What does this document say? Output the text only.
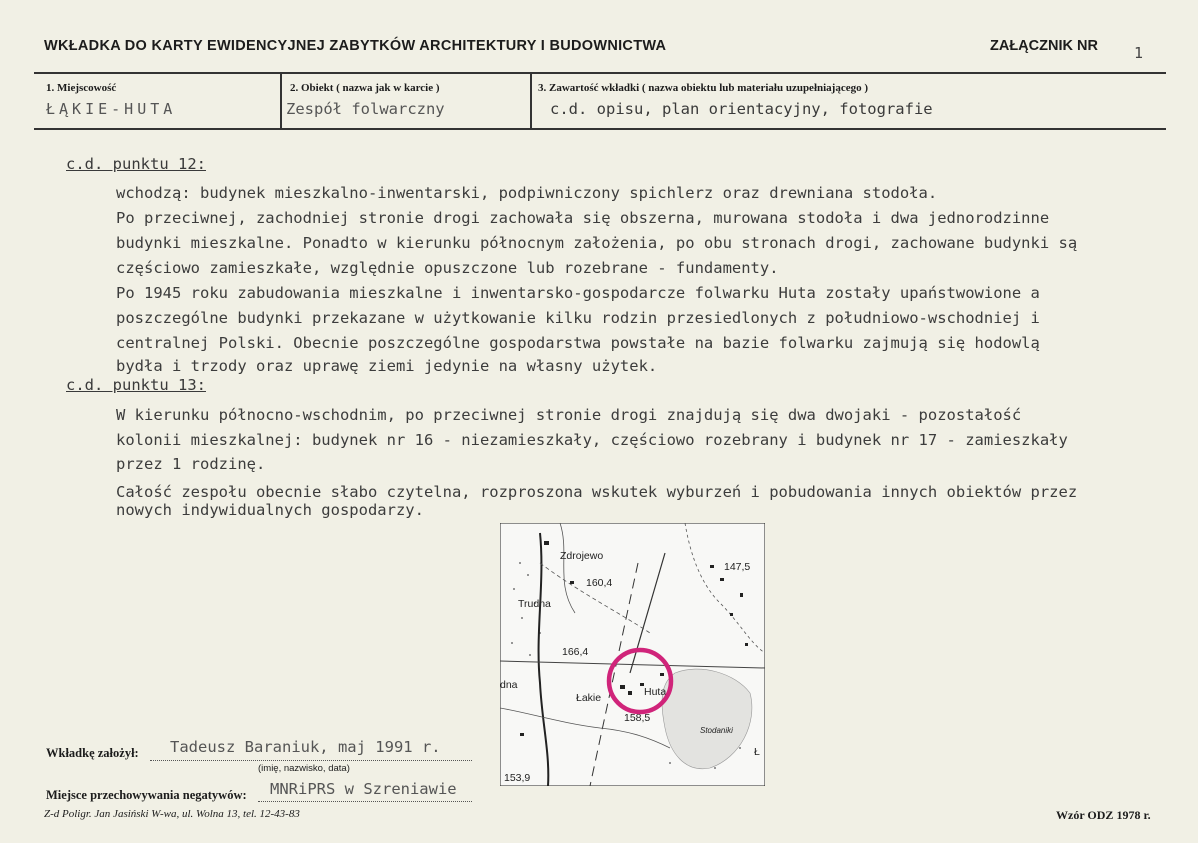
WKŁADKA DO KARTY EWIDENCYJNEJ ZABYTKÓW ARCHITEKTURY I BUDOWNICTWA	ZAŁĄCZNIK NR 1
1. Miejscowość
ŁĄKIE-HUTA
2. Obiekt ( nazwa jak w karcie )
Zespół folwarczny
3. Zawartość wkładki ( nazwa obiektu lub materiału uzupełniającego )
c.d. opisu, plan orientacyjny, fotografie
c.d. punktu 12:
wchodzą: budynek mieszkalno-inwentarski, podpiwniczony spichlerz oraz drewniana stodoła.
Po przeciwnej, zachodniej stronie drogi zachowała się obszerna, murowana stodoła i dwa jednorodzinne
budynki mieszkalne. Ponadto w kierunku północnym założenia, po obu stronach drogi, zachowane budynki są
częściowo zamieszkałe, względnie opuszczone lub rozebrane - fundamenty.
Po 1945 roku zabudowania mieszkalne i inwentarsko-gospodarcze folwarku Huta zostały upaństwowione a
poszczególne budynki przekazane w użytkowanie kilku rodzin przesiedlonych z południowo-wschodniej i
centralnej Polski. Obecnie poszczególne gospodarstwa powstałe na bazie folwarku zajmują się hodowlą
bydła i trzody oraz uprawę ziemi jedynie na własny użytek.
c.d. punktu 13:
W kierunku północno-wschodnim, po przeciwnej stronie drogi znajdują się dwa dwojaki - pozostałość
kolonii mieszkalnej: budynek nr 16 - niezamieszkały, częściowo rozebrany i budynek nr 17 - zamieszkały
przez 1 rodzinę.
Całość zespołu obecnie słabo czytelna, rozproszona wskutek wyburzeń i pobudowania innych obiektów przez
nowych indywidualnych gospodarzy.
Zdrojewo
160,4
147,5
Trudna
166,4
dna
Łakie	Huta
158,5
Stodaniki
153,9
Ł
Wkładkę założył: Tadeusz Baraniuk, maj 1991 r.
(imię, nazwisko, data)
Miejsce przechowywania negatywów: MNRiPRS w Szreniawie
Z-d Poligr. Jan Jasiński W-wa, ul. Wolna 13, tel. 12-43-83	Wzór ODZ 1978 r.
